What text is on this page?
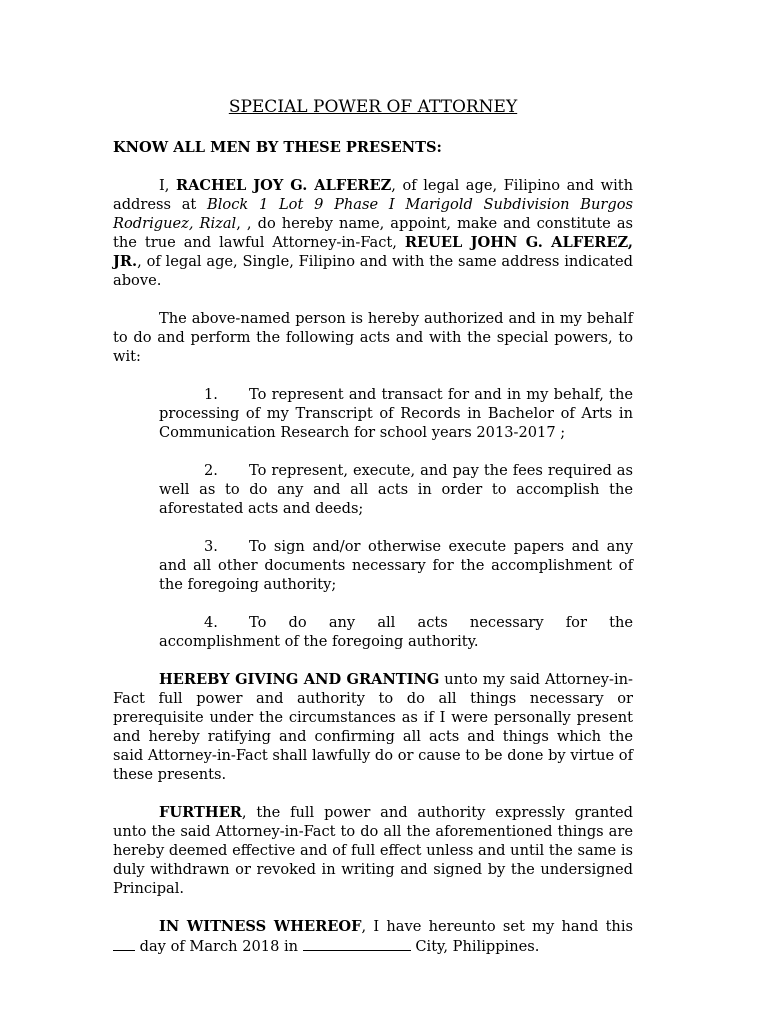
SPECIAL POWER OF ATTORNEY
KNOW ALL MEN BY THESE PRESENTS:
I, RACHEL JOY G. ALFEREZ, of legal age, Filipino and with address at Block 1 Lot 9 Phase I Marigold Subdivision Burgos Rodriguez, Rizal, , do hereby name, appoint, make and constitute as the true and lawful Attorney-in-Fact, REUEL JOHN G. ALFEREZ, JR., of legal age, Single, Filipino and with the same address indicated above.
The above-named person is hereby authorized and in my behalf to do and perform the following acts and with the special powers, to wit:
1. To represent and transact for and in my behalf, the processing of my Transcript of Records in Bachelor of Arts in Communication Research for school years 2013-2017 ;
2. To represent, execute, and pay the fees required as well as to do any and all acts in order to accomplish the aforestated acts and deeds;
3. To sign and/or otherwise execute papers and any and all other documents necessary for the accomplishment of the foregoing authority;
4. To do any all acts necessary for the accomplishment of the foregoing authority.
HEREBY GIVING AND GRANTING unto my said Attorney-in-Fact full power and authority to do all things necessary or prerequisite under the circumstances as if I were personally present and hereby ratifying and confirming all acts and things which the said Attorney-in-Fact shall lawfully do or cause to be done by virtue of these presents.
FURTHER, the full power and authority expressly granted unto the said Attorney-in-Fact to do all the aforementioned things are hereby deemed effective and of full effect unless and until the same is duly withdrawn or revoked in writing and signed by the undersigned Principal.
IN WITNESS WHEREOF, I have hereunto set my hand this  day of March 2018 in	City, Philippines.
